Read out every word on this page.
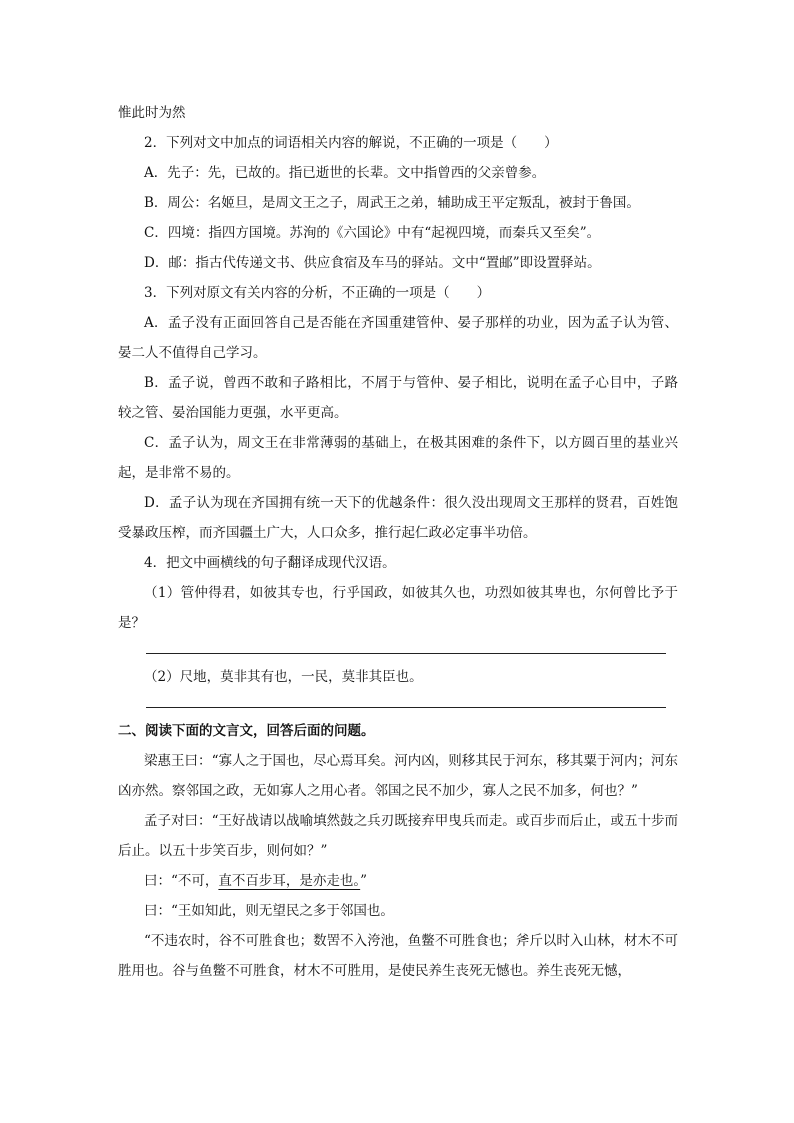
惟此时为然
2．下列对文中加点的词语相关内容的解说，不正确的一项是（　　）
A．先子：先，已故的。指已逝世的长辈。文中指曾西的父亲曾参。
B．周公：名姬旦，是周文王之子，周武王之弟，辅助成王平定叛乱，被封于鲁国。
C．四境：指四方国境。苏洵的《六国论》中有“起视四境，而秦兵又至矣”。
D．邮：指古代传递文书、供应食宿及车马的驿站。文中“置邮”即设置驿站。
3．下列对原文有关内容的分析，不正确的一项是（　　）
A．孟子没有正面回答自己是否能在齐国重建管仲、晏子那样的功业，因为孟子认为管、晏二人不值得自己学习。
B．孟子说，曾西不敢和子路相比，不屑于与管仲、晏子相比，说明在孟子心目中，子路较之管、晏治国能力更强，水平更高。
C．孟子认为，周文王在非常薄弱的基础上，在极其困难的条件下，以方圆百里的基业兴起，是非常不易的。
D．孟子认为现在齐国拥有统一天下的优越条件：很久没出现周文王那样的贤君，百姓饱受暴政压榨，而齐国疆土广大，人口众多，推行起仁政必定事半功倍。
4．把文中画横线的句子翻译成现代汉语。
（1）管仲得君，如彼其专也，行乎国政，如彼其久也，功烈如彼其卑也，尔何曾比予于是？
（2）尺地，莫非其有也，一民，莫非其臣也。
二、阅读下面的文言文，回答后面的问题。
梁惠王曰：“寡人之于国也，尽心焉耳矣。河内凶，则移其民于河东，移其粟于河内；河东凶亦然。察邻国之政，无如寡人之用心者。邻国之民不加少，寡人之民不加多，何也？”
孟子对曰：“王好战请以战喻填然鼓之兵刃既接弃甲曳兵而走。或百步而后止，或五十步而后止。以五十步笑百步，则何如？”
曰：“不可，直不百步耳，是亦走也。”
曰：“王如知此，则无望民之多于邻国也。
“不违农时，谷不可胜食也；数罟不入洿池，鱼鳖不可胜食也；斧斤以时入山林，材木不可胜用也。谷与鱼鳖不可胜食，材木不可胜用，是使民养生丧死无憾也。养生丧死无憾，
